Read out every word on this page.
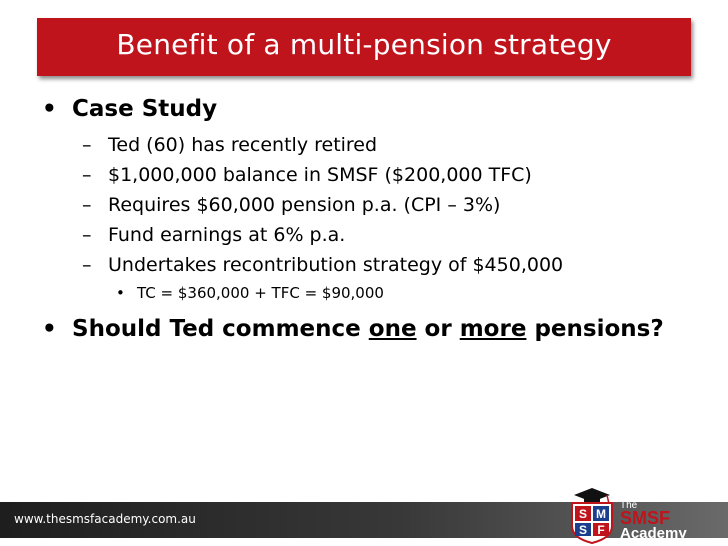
Benefit of a multi-pension strategy
• Case Study
– Ted (60) has recently retired
– $1,000,000 balance in SMSF ($200,000 TFC)
– Requires $60,000 pension p.a. (CPI – 3%)
– Fund earnings at 6% p.a.
– Undertakes recontribution strategy of $450,000
• TC = $360,000 + TFC = $90,000
• Should Ted commence one or more pensions?
www.thesmsfacademy.com.au	S M
S F
The
SMSF
Academy
